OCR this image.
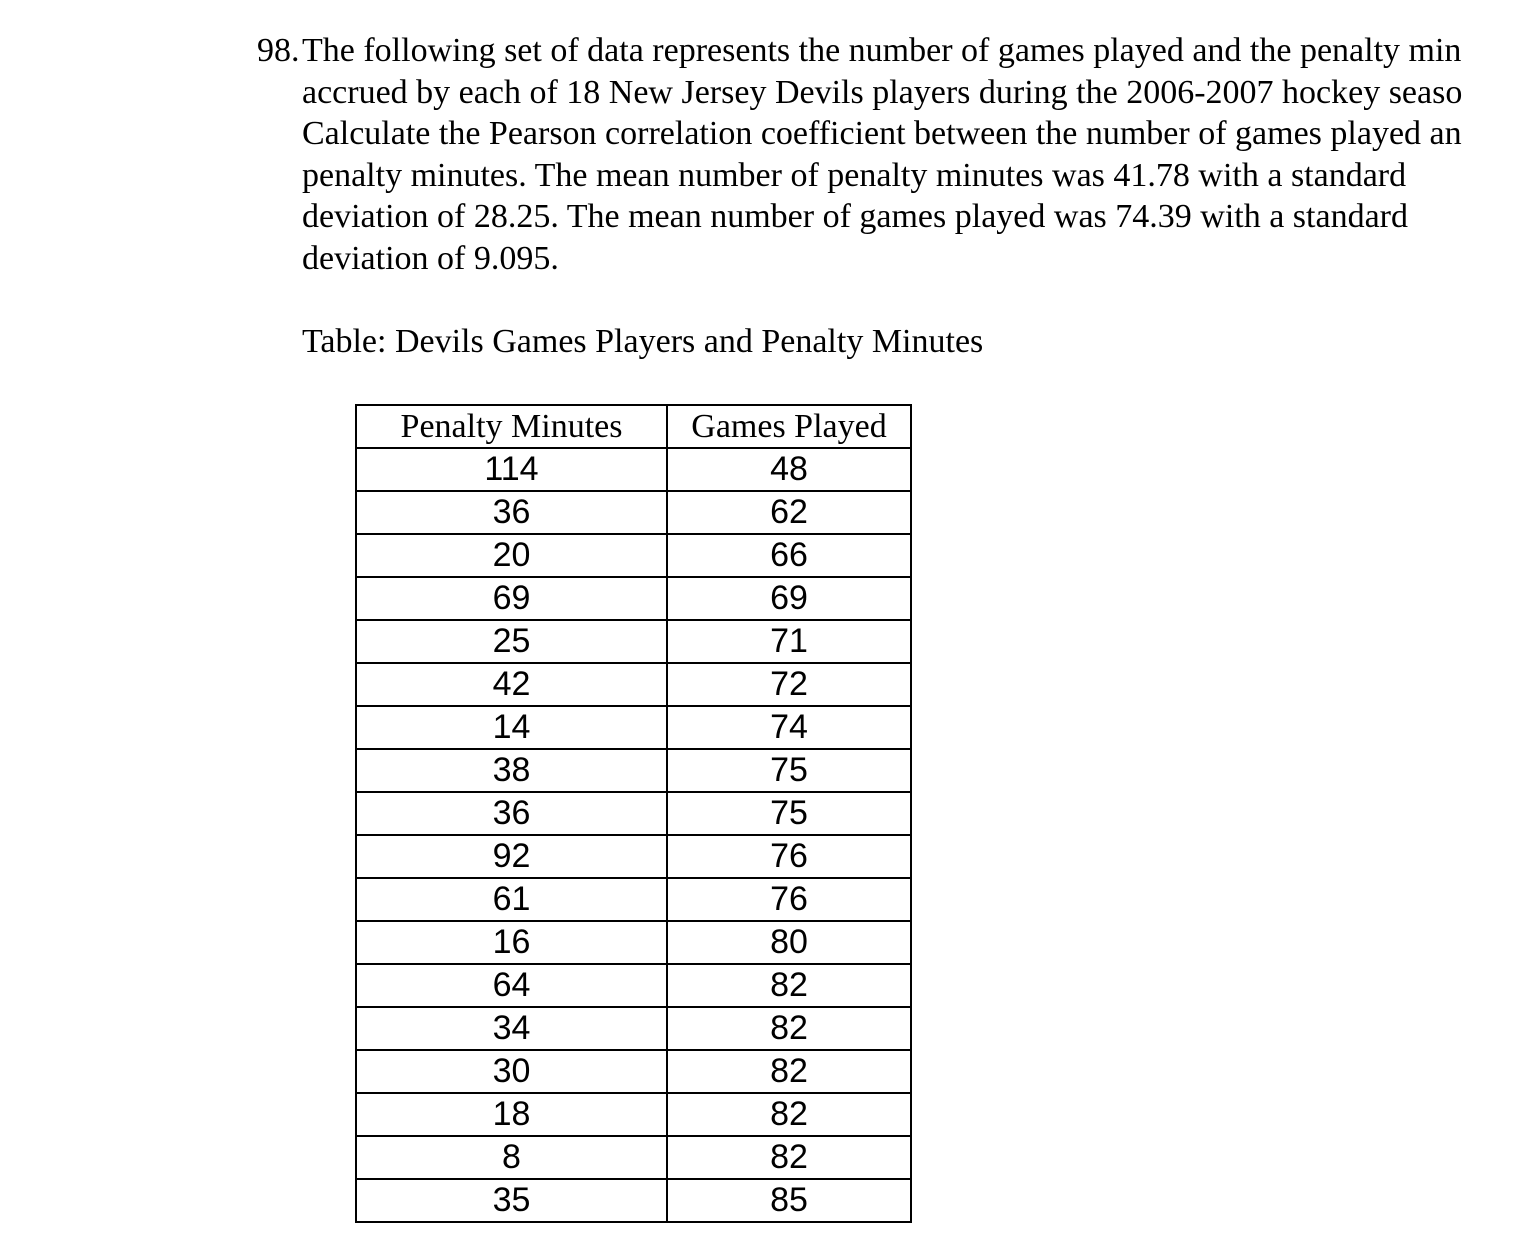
98. The following set of data represents the number of games played and the penalty min
accrued by each of 18 New Jersey Devils players during the 2006-2007 hockey seaso
Calculate the Pearson correlation coefficient between the number of games played an
penalty minutes. The mean number of penalty minutes was 41.78 with a standard
deviation of 28.25. The mean number of games played was 74.39 with a standard
deviation of 9.095.
Table: Devils Games Players and Penalty Minutes
Penalty Minutes	Games Played
114	48
36	62
20	66
69	69
25	71
42	72
14	74
38	75
36	75
92	76
61	76
16	80
64	82
34	82
30	82
18	82
8	82
35	85
